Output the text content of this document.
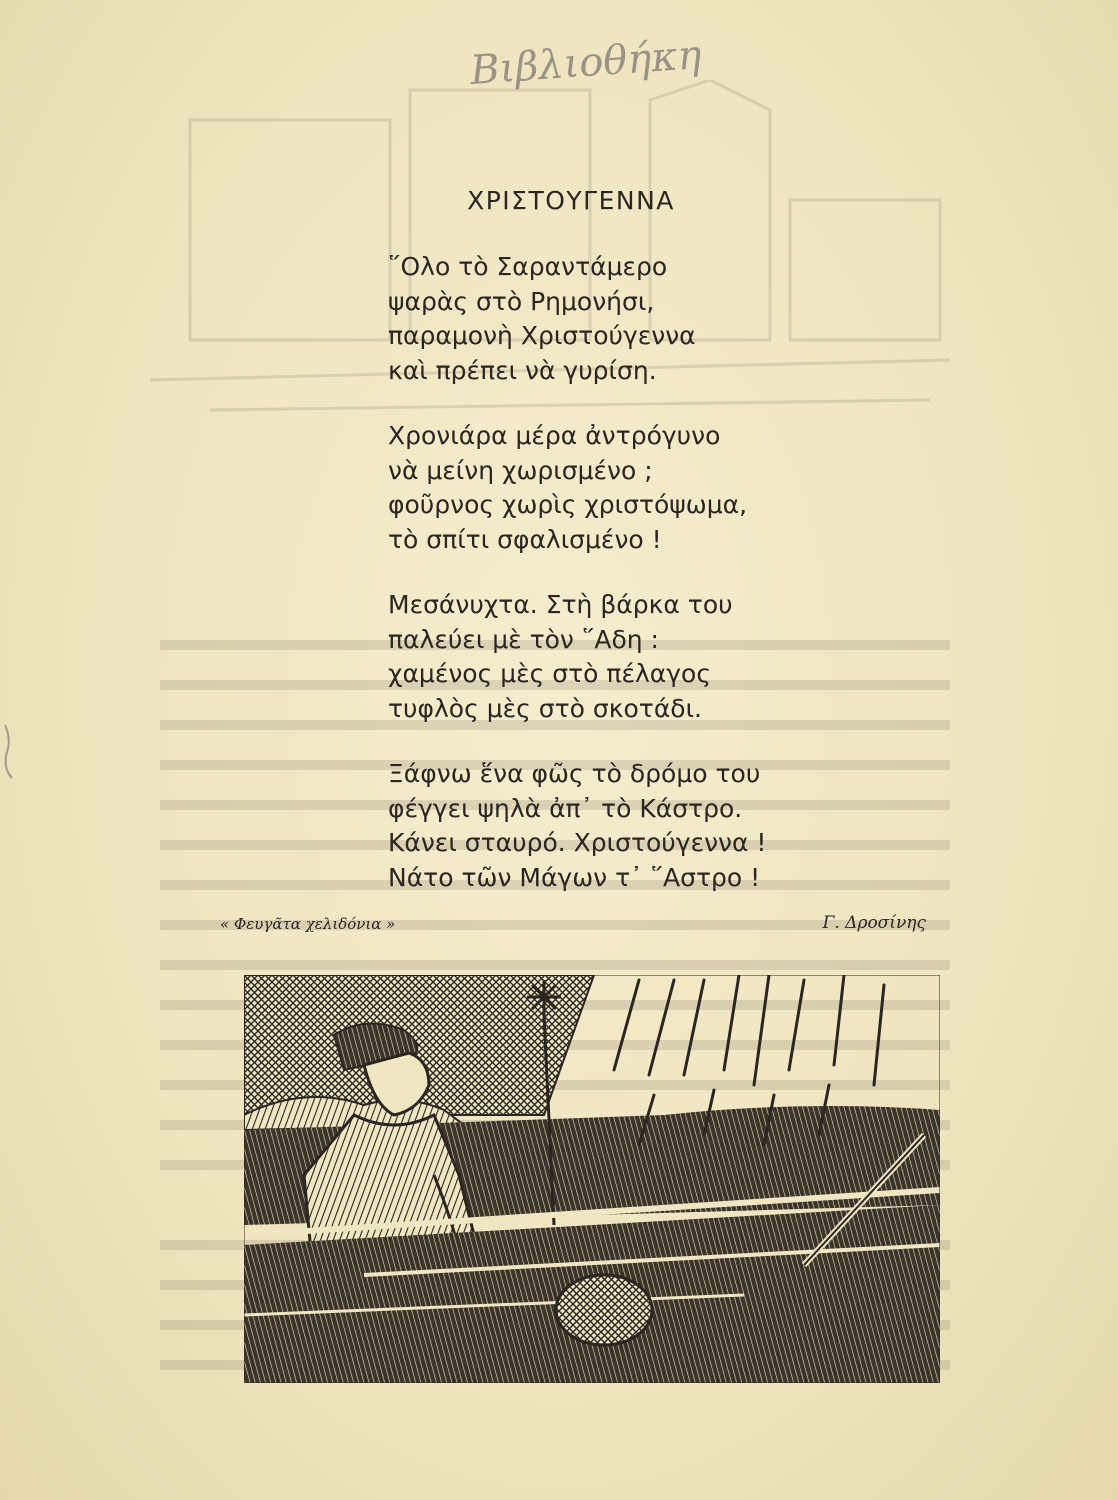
Βιβλιοθήκη
ΧΡΙΣΤΟΥΓΕΝΝΑ
῞Ολο τὸ Σαραντάμερο
ψαρὰς στὸ Ρημονήσι,
παραμονὴ Χριστούγεννα
καὶ πρέπει νὰ γυρίση.
Χρονιάρα μέρα ἀντρόγυνο
νὰ μείνη χωρισμένο ;
φοῦρνος χωρὶς χριστόψωμα,
τὸ σπίτι σφαλισμένο !
Μεσάνυχτα. Στὴ βάρκα του
παλεύει μὲ τὸν ῞Αδη :
χαμένος μὲς στὸ πέλαγος
τυφλὸς μὲς στὸ σκοτάδι.
Ξάφνω ἕνα φῶς τὸ δρόμο του
φέγγει ψηλὰ ἀπ᾿ τὸ Κάστρο.
Κάνει σταυρό. Χριστούγεννα !
Νάτο τῶν Μάγων τ᾿ ῞Αστρο !
« Φευγᾶτα χελιδόνια »	Γ. Δροσίνης
